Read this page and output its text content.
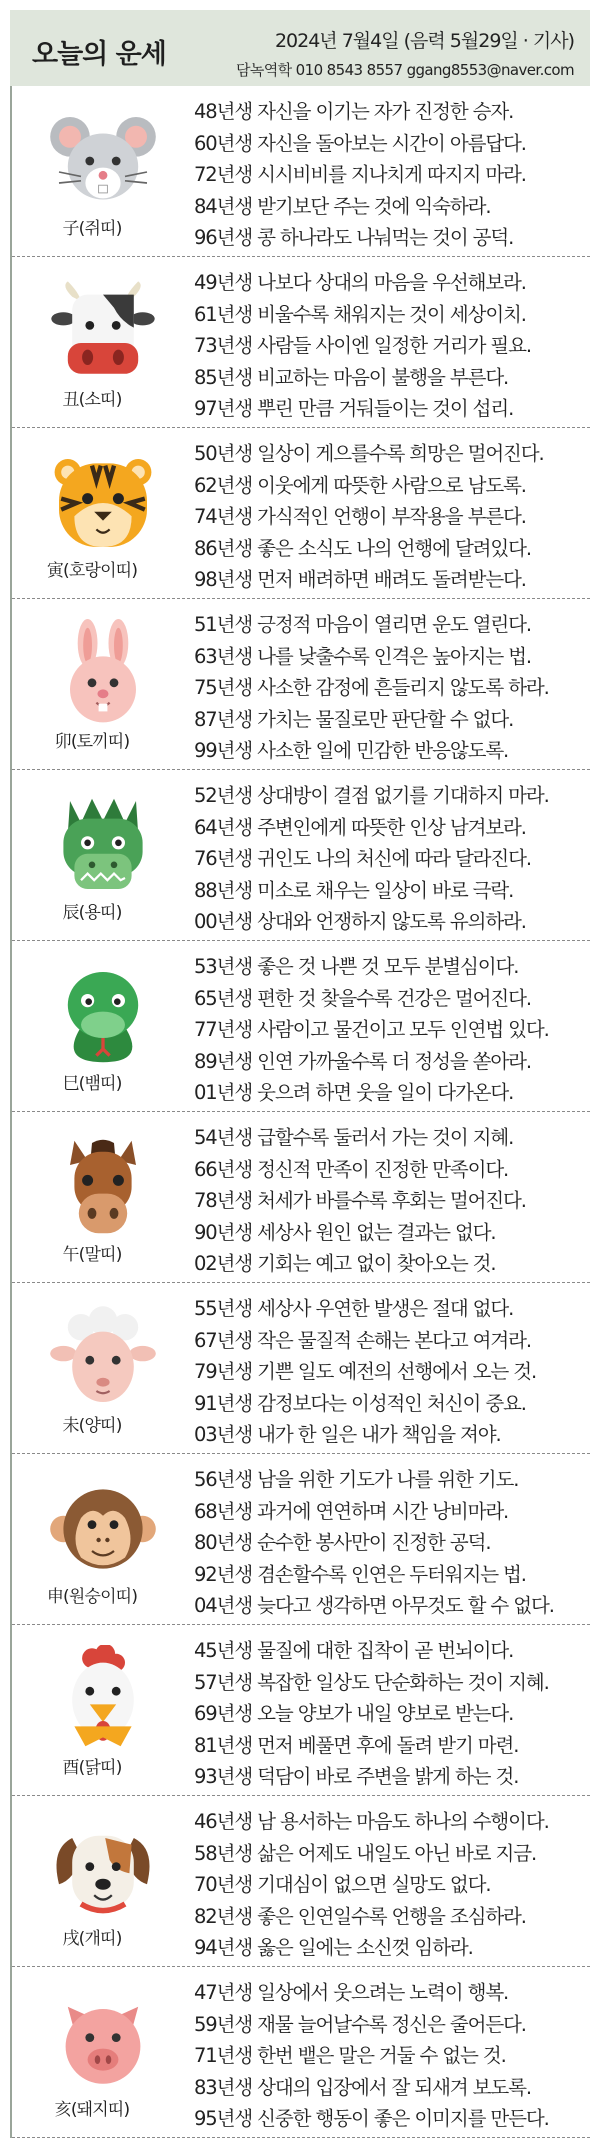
오늘의 운세	2024년 7월4일 (음력 5월29일 · 기사)
담녹역학 010 8543 8557 ggang8553@naver.com
子(쥐띠)
48년생 자신을 이기는 자가 진정한 승자.
60년생 자신을 돌아보는 시간이 아름답다.
72년생 시시비비를 지나치게 따지지 마라.
84년생 받기보단 주는 것에 익숙하라.
96년생 콩 하나라도 나눠먹는 것이 공덕.
丑(소띠)
49년생 나보다 상대의 마음을 우선해보라.
61년생 비울수록 채워지는 것이 세상이치.
73년생 사람들 사이엔 일정한 거리가 필요.
85년생 비교하는 마음이 불행을 부른다.
97년생 뿌린 만큼 거둬들이는 것이 섭리.
寅(호랑이띠)
50년생 일상이 게으를수록 희망은 멀어진다.
62년생 이웃에게 따뜻한 사람으로 남도록.
74년생 가식적인 언행이 부작용을 부른다.
86년생 좋은 소식도 나의 언행에 달려있다.
98년생 먼저 배려하면 배려도 돌려받는다.
卯(토끼띠)
51년생 긍정적 마음이 열리면 운도 열린다.
63년생 나를 낮출수록 인격은 높아지는 법.
75년생 사소한 감정에 흔들리지 않도록 하라.
87년생 가치는 물질로만 판단할 수 없다.
99년생 사소한 일에 민감한 반응않도록.
辰(용띠)
52년생 상대방이 결점 없기를 기대하지 마라.
64년생 주변인에게 따뜻한 인상 남겨보라.
76년생 귀인도 나의 처신에 따라 달라진다.
88년생 미소로 채우는 일상이 바로 극락.
00년생 상대와 언쟁하지 않도록 유의하라.
巳(뱀띠)
53년생 좋은 것 나쁜 것 모두 분별심이다.
65년생 편한 것 찾을수록 건강은 멀어진다.
77년생 사람이고 물건이고 모두 인연법 있다.
89년생 인연 가까울수록 더 정성을 쏟아라.
01년생 웃으려 하면 웃을 일이 다가온다.
午(말띠)
54년생 급할수록 둘러서 가는 것이 지혜.
66년생 정신적 만족이 진정한 만족이다.
78년생 처세가 바를수록 후회는 멀어진다.
90년생 세상사 원인 없는 결과는 없다.
02년생 기회는 예고 없이 찾아오는 것.
未(양띠)
55년생 세상사 우연한 발생은 절대 없다.
67년생 작은 물질적 손해는 본다고 여겨라.
79년생 기쁜 일도 예전의 선행에서 오는 것.
91년생 감정보다는 이성적인 처신이 중요.
03년생 내가 한 일은 내가 책임을 져야.
申(원숭이띠)
56년생 남을 위한 기도가 나를 위한 기도.
68년생 과거에 연연하며 시간 낭비마라.
80년생 순수한 봉사만이 진정한 공덕.
92년생 겸손할수록 인연은 두터워지는 법.
04년생 늦다고 생각하면 아무것도 할 수 없다.
酉(닭띠)
45년생 물질에 대한 집착이 곧 번뇌이다.
57년생 복잡한 일상도 단순화하는 것이 지혜.
69년생 오늘 양보가 내일 양보로 받는다.
81년생 먼저 베풀면 후에 돌려 받기 마련.
93년생 덕담이 바로 주변을 밝게 하는 것.
戌(개띠)
46년생 남 용서하는 마음도 하나의 수행이다.
58년생 삶은 어제도 내일도 아닌 바로 지금.
70년생 기대심이 없으면 실망도 없다.
82년생 좋은 인연일수록 언행을 조심하라.
94년생 옳은 일에는 소신껏 임하라.
亥(돼지띠)
47년생 일상에서 웃으려는 노력이 행복.
59년생 재물 늘어날수록 정신은 줄어든다.
71년생 한번 뱉은 말은 거둘 수 없는 것.
83년생 상대의 입장에서 잘 되새겨 보도록.
95년생 신중한 행동이 좋은 이미지를 만든다.
